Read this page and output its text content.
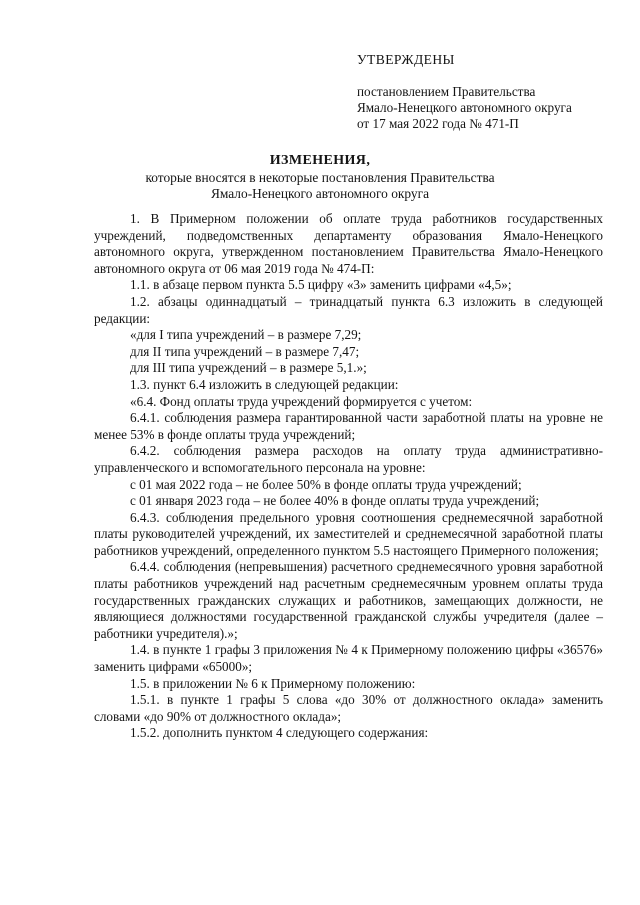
УТВЕРЖДЕНЫ
постановлением Правительства
Ямало-Ненецкого автономного округа
от 17 мая 2022 года № 471-П
ИЗМЕНЕНИЯ,
которые вносятся в некоторые постановления Правительства
Ямало-Ненецкого автономного округа

1. В Примерном положении об оплате труда работников государственных учреждений, подведомственных департаменту образования Ямало-Ненецкого автономного округа, утвержденном постановлением Правительства Ямало-Ненецкого автономного округа от 06 мая 2019 года № 474-П:

1.1. в абзаце первом пункта 5.5 цифру «3» заменить цифрами «4,5»;

1.2. абзацы одиннадцатый – тринадцатый пункта 6.3 изложить в следующей редакции:

«для I типа учреждений – в размере 7,29;

для II типа учреждений – в размере 7,47;

для III типа учреждений – в размере 5,1.»;

1.3. пункт 6.4 изложить в следующей редакции:

«6.4. Фонд оплаты труда учреждений формируется с учетом:

6.4.1. соблюдения размера гарантированной части заработной платы на уровне не менее 53% в фонде оплаты труда учреждений;

6.4.2. соблюдения размера расходов на оплату труда административно-управленческого и вспомогательного персонала на уровне:

с 01 мая 2022 года – не более 50% в фонде оплаты труда учреждений;

с 01 января 2023 года – не более 40% в фонде оплаты труда учреждений;

6.4.3. соблюдения предельного уровня соотношения среднемесячной заработной платы руководителей учреждений, их заместителей и среднемесячной заработной платы работников учреждений, определенного пунктом 5.5 настоящего Примерного положения;

6.4.4. соблюдения (непревышения) расчетного среднемесячного уровня заработной платы работников учреждений над расчетным среднемесячным уровнем оплаты труда государственных гражданских служащих и работников, замещающих должности, не являющиеся должностями государственной гражданской службы учредителя (далее – работники учредителя).»;

1.4. в пункте 1 графы 3 приложения № 4 к Примерному положению цифры «36576» заменить цифрами «65000»;

1.5. в приложении № 6 к Примерному положению:

1.5.1. в пункте 1 графы 5 слова «до 30% от должностного оклада» заменить словами «до 90% от должностного оклада»;

1.5.2. дополнить пунктом 4 следующего содержания:
